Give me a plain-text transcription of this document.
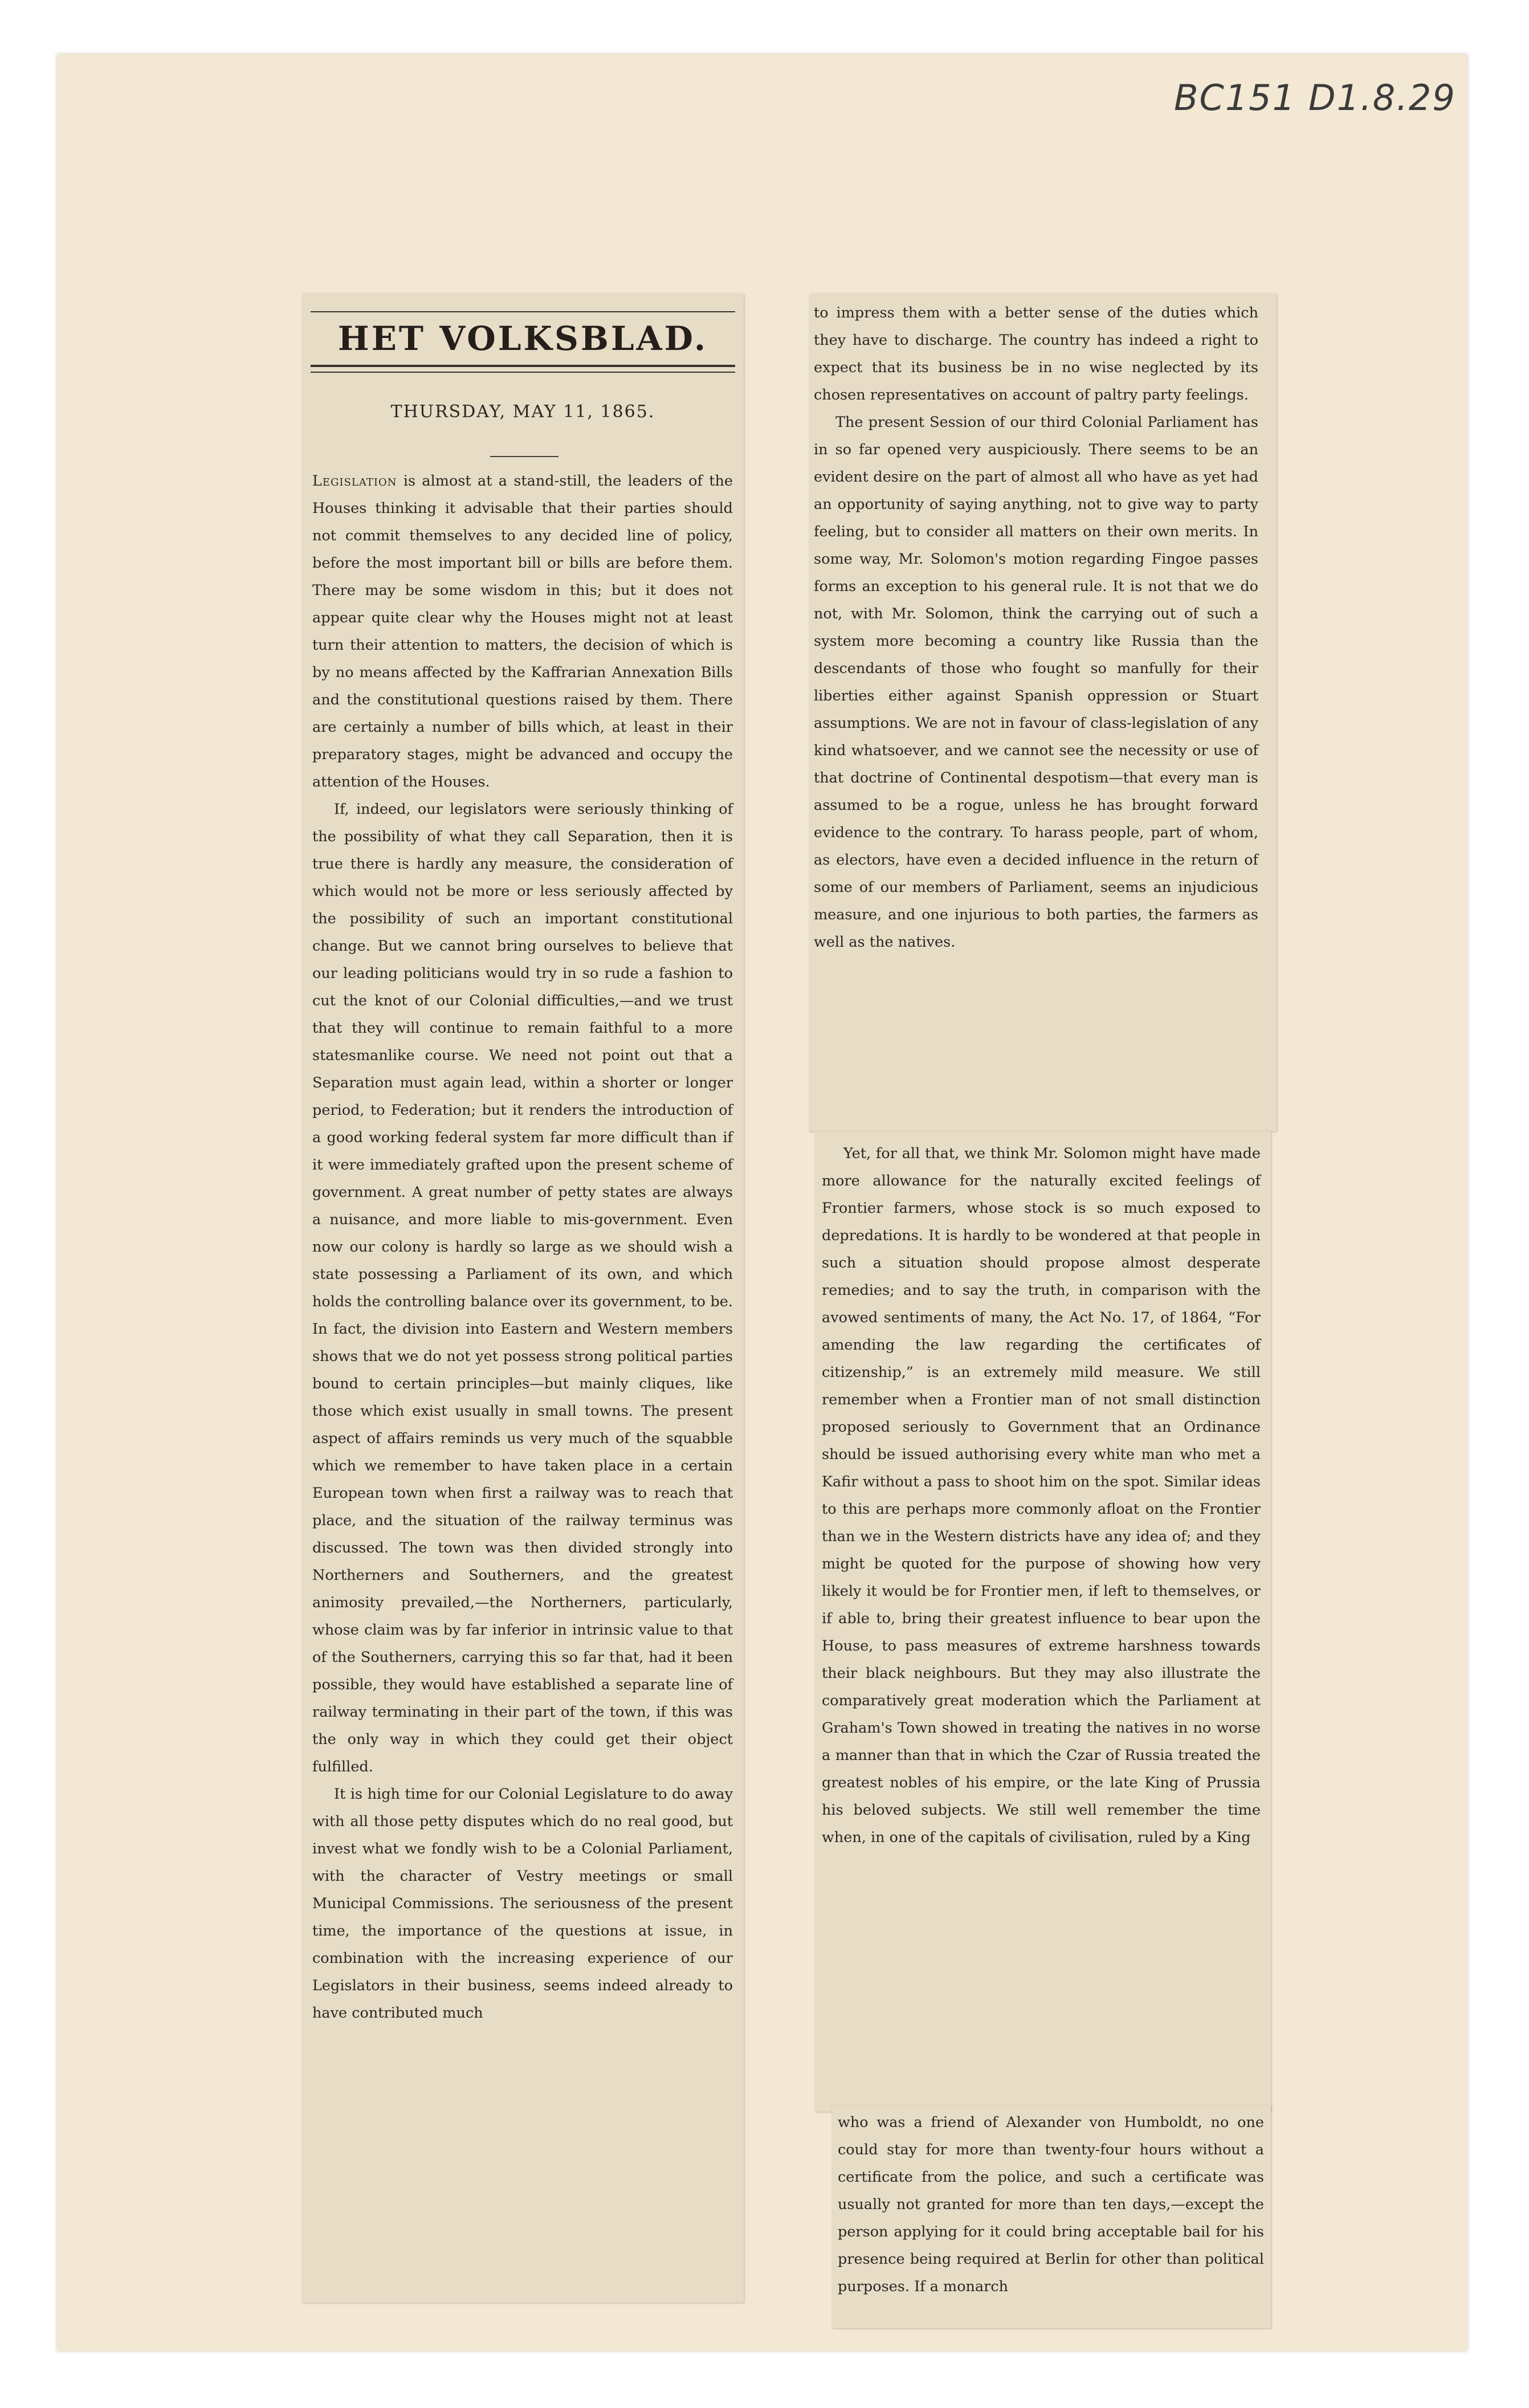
BC151 D1.8.29
HET VOLKSBLAD.
THURSDAY, MAY 11, 1865.

Legislation is almost at a stand-still, the leaders of the Houses thinking it advisable that their parties should not commit themselves to any decided line of policy, before the most important bill or bills are before them. There may be some wisdom in this; but it does not appear quite clear why the Houses might not at least turn their attention to matters, the decision of which is by no means affected by the Kaffrarian Annexation Bills and the constitutional questions raised by them. There are certainly a number of bills which, at least in their preparatory stages, might be advanced and occupy the attention of the Houses.

If, indeed, our legislators were seriously thinking of the possibility of what they call Separation, then it is true there is hardly any measure, the consideration of which would not be more or less seriously affected by the possibility of such an important constitutional change. But we cannot bring ourselves to believe that our leading politicians would try in so rude a fashion to cut the knot of our Colonial difficulties,—and we trust that they will continue to remain faithful to a more statesmanlike course. We need not point out that a Separation must again lead, within a shorter or longer period, to Federation; but it renders the introduction of a good working federal system far more difficult than if it were immediately grafted upon the present scheme of government. A great number of petty states are always a nuisance, and more liable to mis-government. Even now our colony is hardly so large as we should wish a state possessing a Parliament of its own, and which holds the controlling balance over its government, to be. In fact, the division into Eastern and Western members shows that we do not yet possess strong political parties bound to certain principles—but mainly cliques, like those which exist usually in small towns. The present aspect of affairs reminds us very much of the squabble which we remember to have taken place in a certain European town when first a railway was to reach that place, and the situation of the railway terminus was discussed. The town was then divided strongly into Northerners and Southerners, and the greatest animosity prevailed,—the Northerners, particularly, whose claim was by far inferior in intrinsic value to that of the Southerners, carrying this so far that, had it been possible, they would have established a separate line of railway terminating in their part of the town, if this was the only way in which they could get their object fulfilled.

It is high time for our Colonial Legislature to do away with all those petty disputes which do no real good, but invest what we fondly wish to be a Colonial Parliament, with the character of Vestry meetings or small Municipal Commissions. The seriousness of the present time, the importance of the questions at issue, in combination with the increasing experience of our Legislators in their business, seems indeed already to have contributed much

to impress them with a better sense of the duties which they have to discharge. The country has indeed a right to expect that its business be in no wise neglected by its chosen representatives on account of paltry party feelings.

The present Session of our third Colonial Parliament has in so far opened very auspiciously. There seems to be an evident desire on the part of almost all who have as yet had an opportunity of saying anything, not to give way to party feeling, but to consider all matters on their own merits. In some way, Mr. Solomon's motion regarding Fingoe passes forms an exception to his general rule. It is not that we do not, with Mr. Solomon, think the carrying out of such a system more becoming a country like Russia than the descendants of those who fought so manfully for their liberties either against Spanish oppression or Stuart assumptions. We are not in favour of class-legislation of any kind whatsoever, and we cannot see the necessity or use of that doctrine of Continental despotism—that every man is assumed to be a rogue, unless he has brought forward evidence to the contrary. To harass people, part of whom, as electors, have even a decided influence in the return of some of our members of Parliament, seems an injudicious measure, and one injurious to both parties, the farmers as well as the natives.

Yet, for all that, we think Mr. Solomon might have made more allowance for the naturally excited feelings of Frontier farmers, whose stock is so much exposed to depredations. It is hardly to be wondered at that people in such a situation should propose almost desperate remedies; and to say the truth, in comparison with the avowed sentiments of many, the Act No. 17, of 1864, “For amending the law regarding the certificates of citizenship,” is an extremely mild measure. We still remember when a Frontier man of not small distinction proposed seriously to Government that an Ordinance should be issued authorising every white man who met a Kafir without a pass to shoot him on the spot. Similar ideas to this are perhaps more commonly afloat on the Frontier than we in the Western districts have any idea of; and they might be quoted for the purpose of showing how very likely it would be for Frontier men, if left to themselves, or if able to, bring their greatest influence to bear upon the House, to pass measures of extreme harshness towards their black neighbours. But they may also illustrate the comparatively great moderation which the Parliament at Graham's Town showed in treating the natives in no worse a manner than that in which the Czar of Russia treated the greatest nobles of his empire, or the late King of Prussia his beloved subjects. We still well remember the time when, in one of the capitals of civilisation, ruled by a King

who was a friend of Alexander von Humboldt, no one could stay for more than twenty-four hours without a certificate from the police, and such a certificate was usually not granted for more than ten days,—except the person applying for it could bring acceptable bail for his presence being required at Berlin for other than political purposes. If a monarch
